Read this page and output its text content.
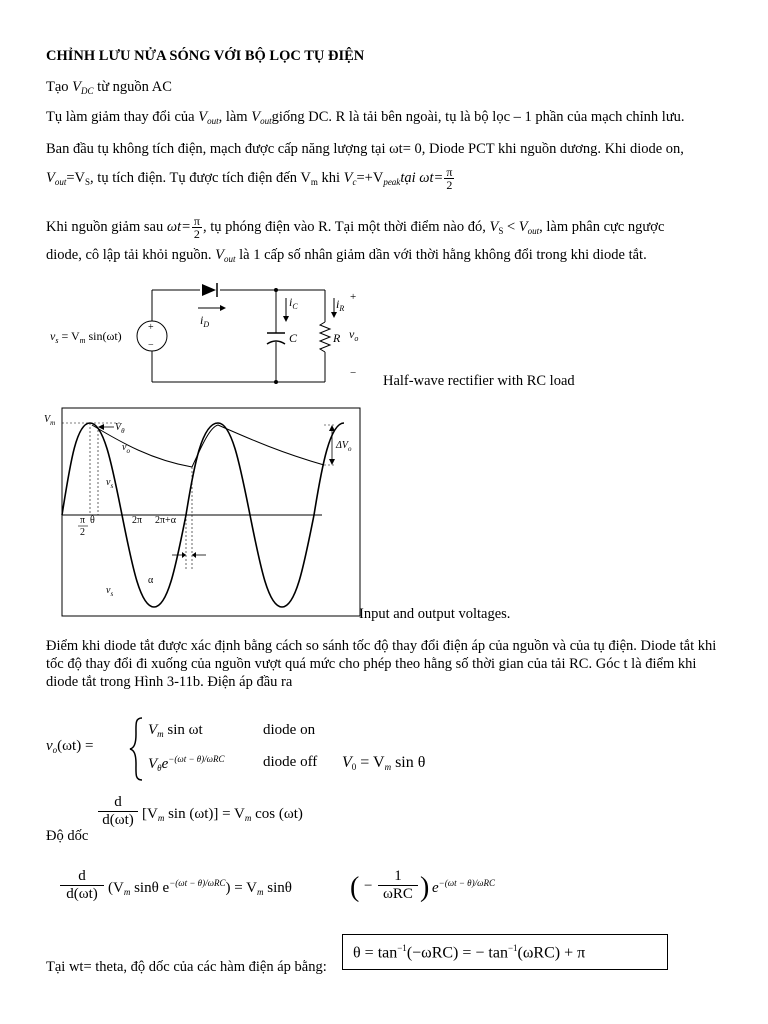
CHỈNH LƯU NỬA SÓNG VỚI BỘ LỌC TỤ ĐIỆN
Tạo $V_{DC}$ từ nguồn AC
Tụ làm giảm thay đổi của $V_{out}$, làm $V_{out}giống$ DC. R là tải bên ngoài, tụ là bộ lọc – 1 phần của mạch chỉnh lưu.
Ban đầu tụ không tích điện, mạch được cấp năng lượng tại ωt= 0, Diode PCT khi nguồn dương. Khi diode on,
$V_{out}=V_S$, tụ tích điện. Tụ được tích điện đến $V_m$ khi $V_c=+V_{peak}tại$ $\omega t= \frac{\pi}{2}$
Khi nguồn giảm sau $\omega t= \frac{\pi}{2}$ , tụ phóng điện vào R. Tại một thời điểm nào đó, $V_S < V_{out}$, làm phân cực ngược
diode, cô lập tải khỏi nguồn. $V_{out}$ là 1 cấp số nhân giảm dần với thời hằng không đổi trong khi diode tắt.
+
−
$v_s = V_m$ sin(ωt)
$i_D$
$i_C$
C	R
$i_R$
+
$v_o$
− Half-wave rectifier with RC load
$V_m$	$V_\theta$
$v_o$
$v_s$
$v_s$
$\Delta V_o$
π
2
θ	2π 2π+α
α
Input and output voltages.
Điểm khi diode tắt được xác định bằng cách so sánh tốc độ thay đổi điện áp của nguồn và của tụ điện. Diode tắt khi tốc độ thay đổi đi xuống của nguồn vượt quá mức cho phép theo hằng số thời gian của tải RC. Góc t là điểm khi diode tắt trong Hình 3-11b. Điện áp đầu ra
$v_o(\omega t)$ =
$V_m$ sin ωt	diode on
$V_\theta e^{-(\omega t - \theta)/\omega RC}$	diode off $V_0 = V_m$ sin θ
Độ dốc
$\frac{d}{d(\omega t)} [V_m$ $\sin (\omega t)] = V_m$ cos (ωt)
$\frac{d}{d(\omega t)} (V_m$ sinθ $e^{-(\omega t - \theta)/\omega RC}) = V_m$ sinθ ( −
1
ωRC ) $e^{-(\omega t - \theta)/\omega RC}$
Tại wt= theta, độ dốc của các hàm điện áp bằng:
$\theta = \tan^{-1}(-\omega RC)$ = − $\tan^{-1}(\omega RC) + \pi$
